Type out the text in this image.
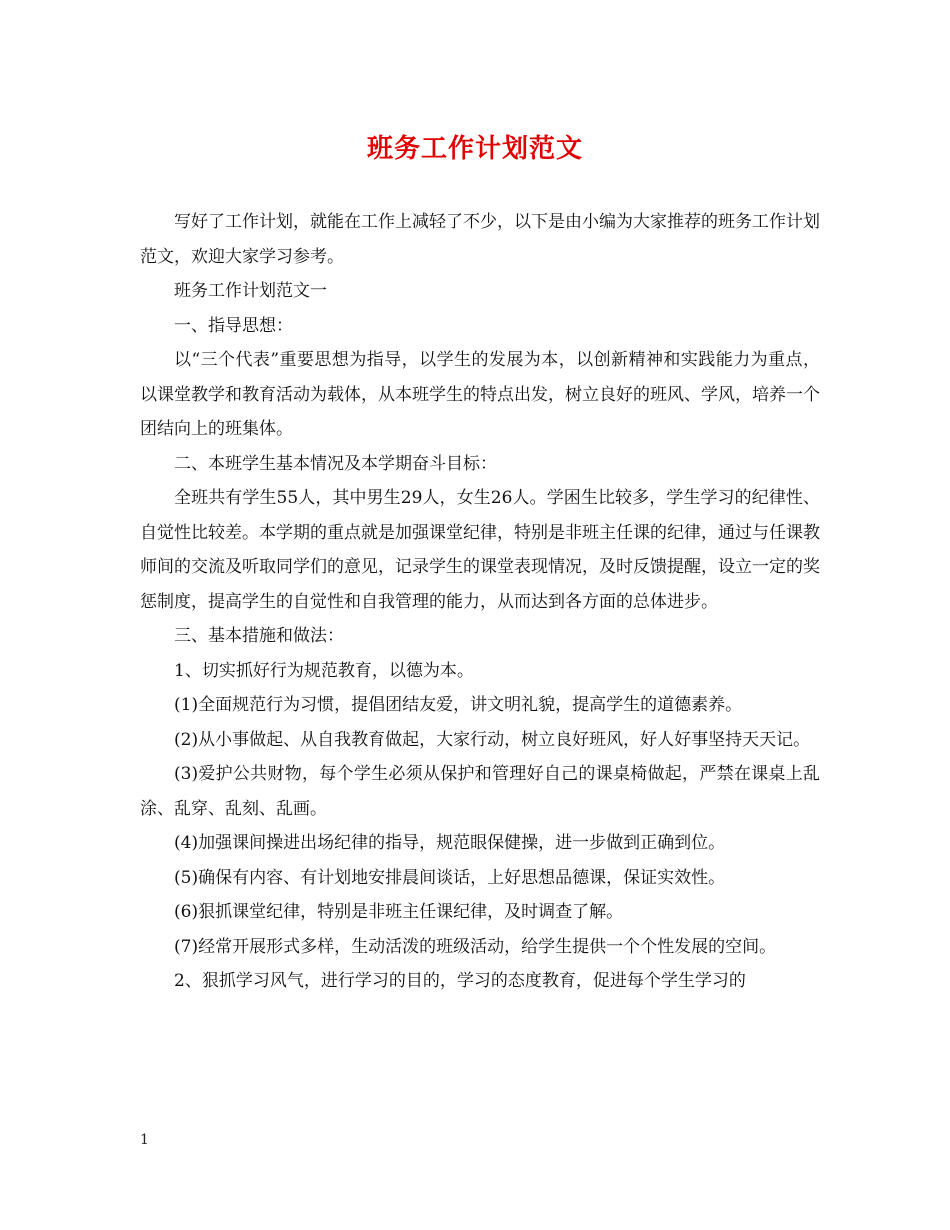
班务工作计划范文

写好了工作计划，就能在工作上减轻了不少，以下是由小编为大家推荐的班务工作计划范文，欢迎大家学习参考。

班务工作计划范文一

一、指导思想：

以“三个代表”重要思想为指导，以学生的发展为本，以创新精神和实践能力为重点，以课堂教学和教育活动为载体，从本班学生的特点出发，树立良好的班风、学风，培养一个团结向上的班集体。

二、本班学生基本情况及本学期奋斗目标：

全班共有学生55人，其中男生29人，女生26人。学困生比较多，学生学习的纪律性、自觉性比较差。本学期的重点就是加强课堂纪律，特别是非班主任课的纪律，通过与任课教师间的交流及听取同学们的意见，记录学生的课堂表现情况，及时反馈提醒，设立一定的奖惩制度，提高学生的自觉性和自我管理的能力，从而达到各方面的总体进步。

三、基本措施和做法：

1、切实抓好行为规范教育，以德为本。

(1)全面规范行为习惯，提倡团结友爱，讲文明礼貌，提高学生的道德素养。

(2)从小事做起、从自我教育做起，大家行动，树立良好班风，好人好事坚持天天记。

(3)爱护公共财物，每个学生必须从保护和管理好自己的课桌椅做起，严禁在课桌上乱涂、乱穿、乱刻、乱画。

(4)加强课间操进出场纪律的指导，规范眼保健操，进一步做到正确到位。

(5)确保有内容、有计划地安排晨间谈话，上好思想品德课，保证实效性。

(6)狠抓课堂纪律，特别是非班主任课纪律，及时调查了解。

(7)经常开展形式多样，生动活泼的班级活动，给学生提供一个个性发展的空间。

2、狠抓学习风气，进行学习的目的，学习的态度教育，促进每个学生学习的

1
